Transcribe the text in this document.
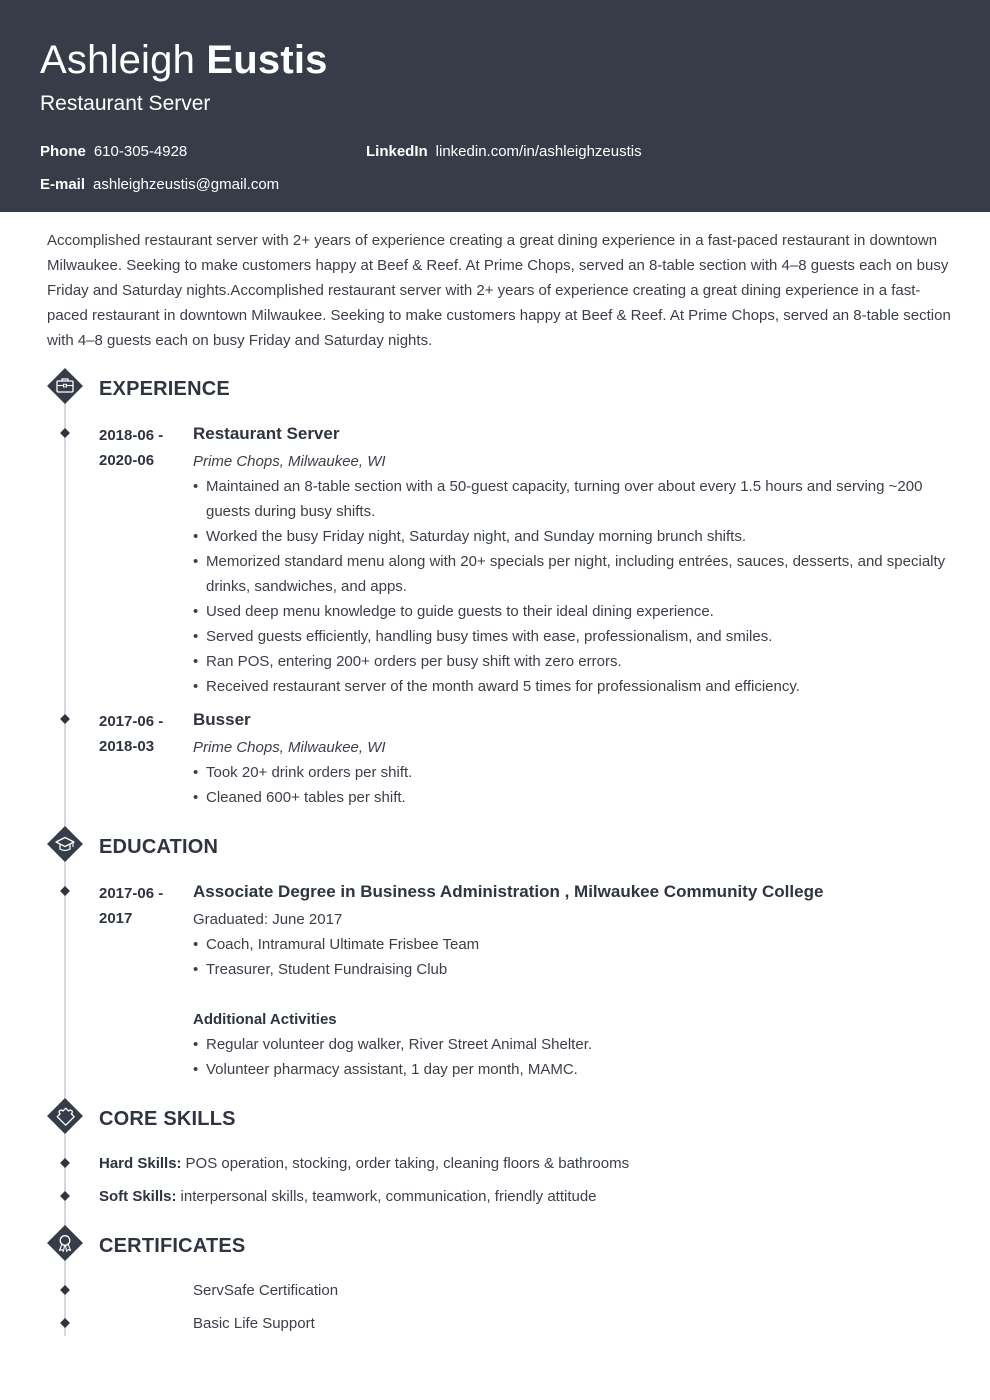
Ashleigh Eustis
Restaurant Server
Phone 610-305-4928	LinkedIn linkedin.com/in/ashleighzeustis
E-mail ashleighzeustis@gmail.com
Accomplished restaurant server with 2+ years of experience creating a great dining experience in a fast-paced restaurant in downtown Milwaukee. Seeking to make customers happy at Beef & Reef. At Prime Chops, served an 8-table section with 4–8 guests each on busy Friday and Saturday nights.Accomplished restaurant server with 2+ years of experience creating a great dining experience in a fast-paced restaurant in downtown Milwaukee. Seeking to make customers happy at Beef & Reef. At Prime Chops, served an 8-table section with 4–8 guests each on busy Friday and Saturday nights.
EXPERIENCE
2018-06 -
2020-06
Restaurant Server
Prime Chops, Milwaukee, WI
• Maintained an 8-table section with a 50-guest capacity, turning over about every 1.5 hours and serving ~200 guests during busy shifts.
• Worked the busy Friday night, Saturday night, and Sunday morning brunch shifts.
• Memorized standard menu along with 20+ specials per night, including entrées, sauces, desserts, and specialty drinks, sandwiches, and apps.
• Used deep menu knowledge to guide guests to their ideal dining experience.
• Served guests efficiently, handling busy times with ease, professionalism, and smiles.
• Ran POS, entering 200+ orders per busy shift with zero errors.
• Received restaurant server of the month award 5 times for professionalism and efficiency.
2017-06 -
2018-03
Busser
Prime Chops, Milwaukee, WI
• Took 20+ drink orders per shift.
• Cleaned 600+ tables per shift.
EDUCATION
2017-06 -
2017
Associate Degree in Business Administration , Milwaukee Community College
Graduated: June 2017
• Coach, Intramural Ultimate Frisbee Team
• Treasurer, Student Fundraising Club
Additional Activities
• Regular volunteer dog walker, River Street Animal Shelter.
• Volunteer pharmacy assistant, 1 day per month, MAMC.
CORE SKILLS
Hard Skills: POS operation, stocking, order taking, cleaning floors & bathrooms
Soft Skills: interpersonal skills, teamwork, communication, friendly attitude
CERTIFICATES
ServSafe Certification
Basic Life Support
